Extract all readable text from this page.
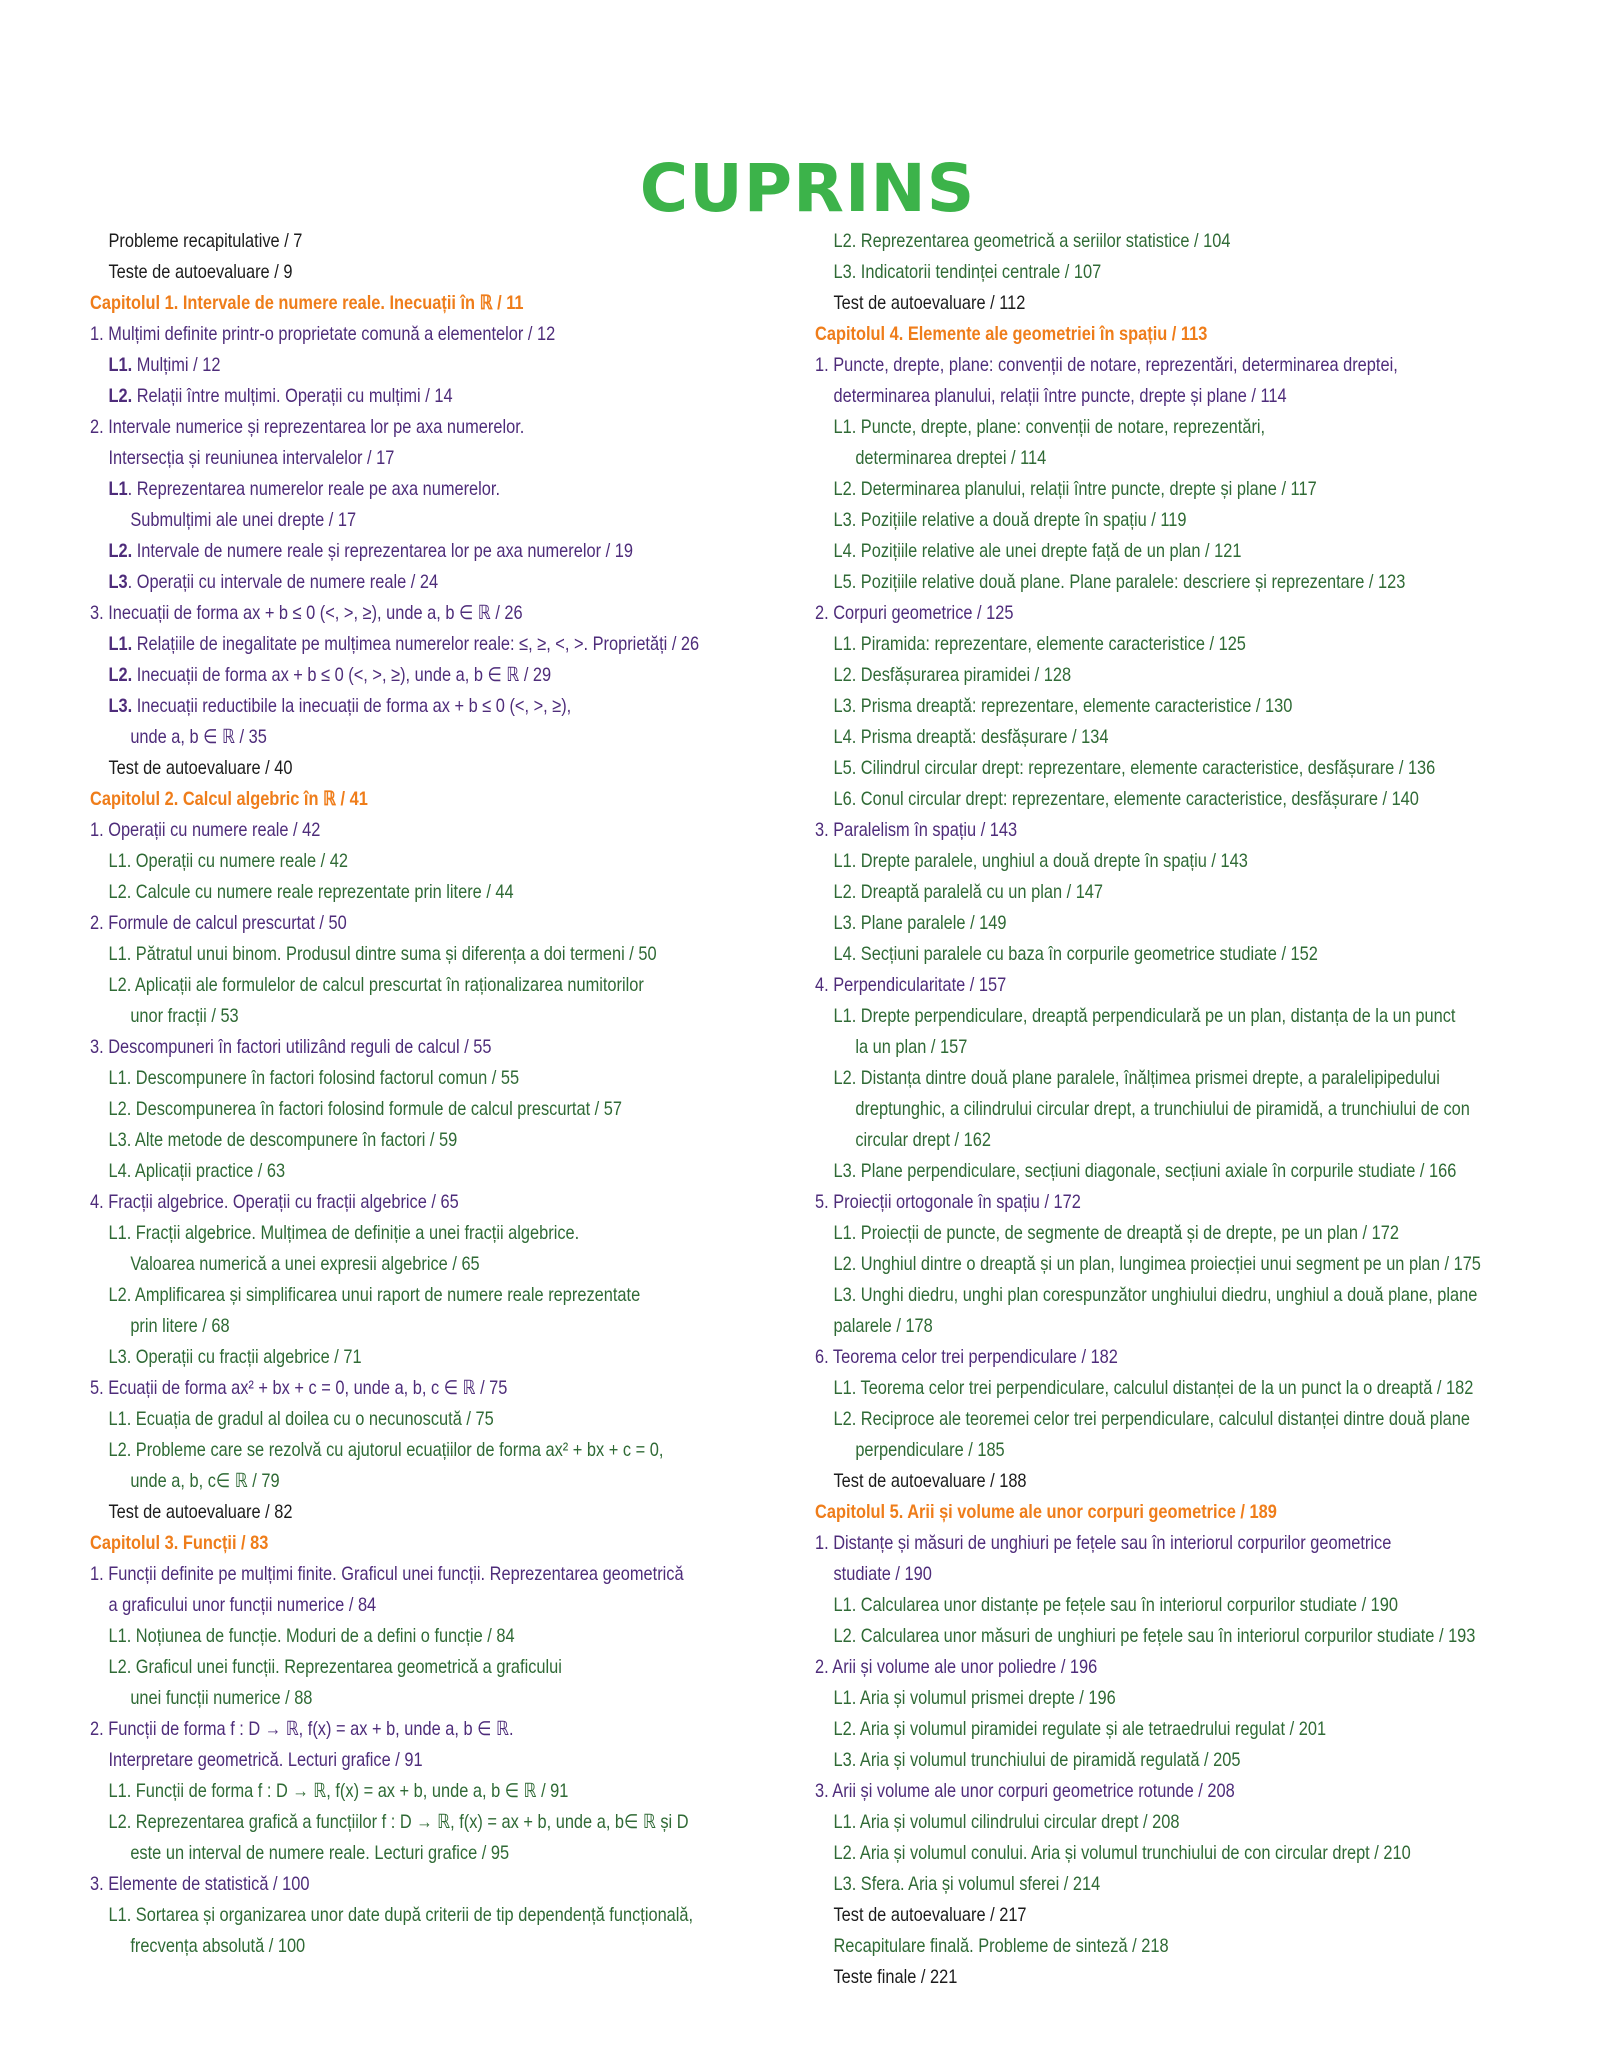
CUPRINS
Probleme recapitulative / 7
Teste de autoevaluare / 9
Capitolul 1. Intervale de numere reale. Inecuații în ℝ / 11
1. Mulțimi definite printr-o proprietate comună a elementelor / 12
L1. Mulțimi / 12
L2. Relații între mulțimi. Operații cu mulțimi / 14
2. Intervale numerice și reprezentarea lor pe axa numerelor.
Intersecția și reuniunea intervalelor / 17
L1. Reprezentarea numerelor reale pe axa numerelor.
Submulțimi ale unei drepte / 17
L2. Intervale de numere reale și reprezentarea lor pe axa numerelor / 19
L3. Operații cu intervale de numere reale / 24
3. Inecuații de forma ax + b ≤ 0 (<, >, ≥), unde a, b ∈ ℝ / 26
L1. Relațiile de inegalitate pe mulțimea numerelor reale: ≤, ≥, <, >. Proprietăți / 26
L2. Inecuații de forma ax + b ≤ 0 (<, >, ≥), unde a, b ∈ ℝ / 29
L3. Inecuații reductibile la inecuații de forma ax + b ≤ 0 (<, >, ≥),
unde a, b ∈ ℝ / 35
Test de autoevaluare / 40
Capitolul 2. Calcul algebric în ℝ / 41
1. Operații cu numere reale / 42
L1. Operații cu numere reale / 42
L2. Calcule cu numere reale reprezentate prin litere / 44
2. Formule de calcul prescurtat / 50
L1. Pătratul unui binom. Produsul dintre suma și diferența a doi termeni / 50
L2. Aplicații ale formulelor de calcul prescurtat în raționalizarea numitorilor
unor fracții / 53
3. Descompuneri în factori utilizând reguli de calcul / 55
L1. Descompunere în factori folosind factorul comun / 55
L2. Descompunerea în factori folosind formule de calcul prescurtat / 57
L3. Alte metode de descompunere în factori / 59
L4. Aplicații practice / 63
4. Fracții algebrice. Operații cu fracții algebrice / 65
L1. Fracții algebrice. Mulțimea de definiție a unei fracții algebrice.
Valoarea numerică a unei expresii algebrice / 65
L2. Amplificarea și simplificarea unui raport de numere reale reprezentate
prin litere / 68
L3. Operații cu fracții algebrice / 71
5. Ecuații de forma ax² + bx + c = 0, unde a, b, c ∈ ℝ / 75
L1. Ecuația de gradul al doilea cu o necunoscută / 75
L2. Probleme care se rezolvă cu ajutorul ecuațiilor de forma ax² + bx + c = 0,
unde a, b, c∈ ℝ / 79
Test de autoevaluare / 82
Capitolul 3. Funcții / 83
1. Funcții definite pe mulțimi finite. Graficul unei funcții. Reprezentarea geometrică
a graficului unor funcții numerice / 84
L1. Noțiunea de funcție. Moduri de a defini o funcție / 84
L2. Graficul unei funcții. Reprezentarea geometrică a graficului
unei funcții numerice / 88
2. Funcții de forma f : D → ℝ, f(x) = ax + b, unde a, b ∈ ℝ.
Interpretare geometrică. Lecturi grafice / 91
L1. Funcții de forma f : D → ℝ, f(x) = ax + b, unde a, b ∈ ℝ / 91
L2. Reprezentarea grafică a funcțiilor f : D → ℝ, f(x) = ax + b, unde a, b∈ ℝ și D
este un interval de numere reale. Lecturi grafice / 95
3. Elemente de statistică / 100
L1. Sortarea și organizarea unor date după criterii de tip dependență funcțională,
frecvența absolută / 100
L2. Reprezentarea geometrică a seriilor statistice / 104
L3. Indicatorii tendinței centrale / 107
Test de autoevaluare / 112
Capitolul 4. Elemente ale geometriei în spațiu / 113
1. Puncte, drepte, plane: convenții de notare, reprezentări, determinarea dreptei,
determinarea planului, relații între puncte, drepte și plane / 114
L1. Puncte, drepte, plane: convenții de notare, reprezentări,
determinarea dreptei / 114
L2. Determinarea planului, relații între puncte, drepte și plane / 117
L3. Pozițiile relative a două drepte în spațiu / 119
L4. Pozițiile relative ale unei drepte față de un plan / 121
L5. Pozițiile relative două plane. Plane paralele: descriere și reprezentare / 123
2. Corpuri geometrice / 125
L1. Piramida: reprezentare, elemente caracteristice / 125
L2. Desfășurarea piramidei / 128
L3. Prisma dreaptă: reprezentare, elemente caracteristice / 130
L4. Prisma dreaptă: desfășurare / 134
L5. Cilindrul circular drept: reprezentare, elemente caracteristice, desfășurare / 136
L6. Conul circular drept: reprezentare, elemente caracteristice, desfășurare / 140
3. Paralelism în spațiu / 143
L1. Drepte paralele, unghiul a două drepte în spațiu / 143
L2. Dreaptă paralelă cu un plan / 147
L3. Plane paralele / 149
L4. Secțiuni paralele cu baza în corpurile geometrice studiate / 152
4. Perpendicularitate / 157
L1. Drepte perpendiculare, dreaptă perpendiculară pe un plan, distanța de la un punct
la un plan / 157
L2. Distanța dintre două plane paralele, înălțimea prismei drepte, a paralelipipedului
dreptunghic, a cilindrului circular drept, a trunchiului de piramidă, a trunchiului de con
circular drept / 162
L3. Plane perpendiculare, secțiuni diagonale, secțiuni axiale în corpurile studiate / 166
5. Proiecții ortogonale în spațiu / 172
L1. Proiecții de puncte, de segmente de dreaptă și de drepte, pe un plan / 172
L2. Unghiul dintre o dreaptă și un plan, lungimea proiecției unui segment pe un plan / 175
L3. Unghi diedru, unghi plan corespunzător unghiului diedru, unghiul a două plane, plane
palarele / 178
6. Teorema celor trei perpendiculare / 182
L1. Teorema celor trei perpendiculare, calculul distanței de la un punct la o dreaptă / 182
L2. Reciproce ale teoremei celor trei perpendiculare, calculul distanței dintre două plane
perpendiculare / 185
Test de autoevaluare / 188
Capitolul 5. Arii și volume ale unor corpuri geometrice / 189
1. Distanțe și măsuri de unghiuri pe fețele sau în interiorul corpurilor geometrice
studiate / 190
L1. Calcularea unor distanțe pe fețele sau în interiorul corpurilor studiate / 190
L2. Calcularea unor măsuri de unghiuri pe fețele sau în interiorul corpurilor studiate / 193
2. Arii și volume ale unor poliedre / 196
L1. Aria și volumul prismei drepte / 196
L2. Aria și volumul piramidei regulate și ale tetraedrului regulat / 201
L3. Aria și volumul trunchiului de piramidă regulată / 205
3. Arii și volume ale unor corpuri geometrice rotunde / 208
L1. Aria și volumul cilindrului circular drept / 208
L2. Aria și volumul conului. Aria și volumul trunchiului de con circular drept / 210
L3. Sfera. Aria și volumul sferei / 214
Test de autoevaluare / 217
Recapitulare finală. Probleme de sinteză / 218
Teste finale / 221
